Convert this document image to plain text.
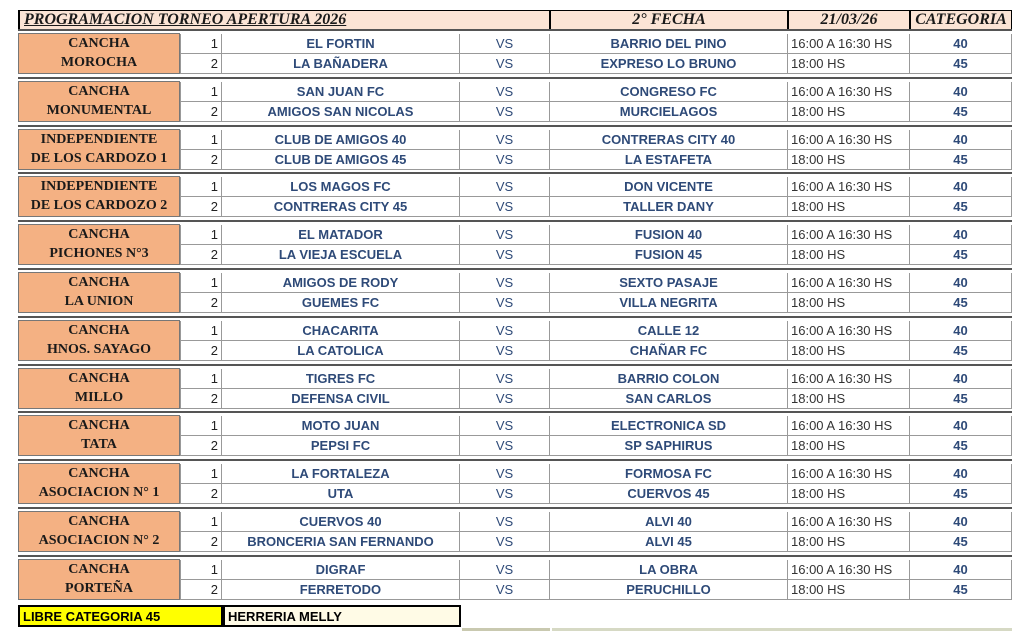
PROGRAMACION TORNEO APERTURA 2026	2° FECHA	21/03/26	CATEGORIA
CANCHA
MOROCHA
1	EL FORTIN	VS	BARRIO DEL PINO	16:00 A 16:30 HS	40
2	LA BAÑADERA	VS	EXPRESO LO BRUNO	18:00 HS	45
CANCHA
MONUMENTAL
1	SAN JUAN FC	VS	CONGRESO FC	16:00 A 16:30 HS	40
2	AMIGOS SAN NICOLAS	VS	MURCIELAGOS	18:00 HS	45
INDEPENDIENTE
DE LOS CARDOZO 1
1	CLUB DE AMIGOS 40	VS	CONTRERAS CITY 40	16:00 A 16:30 HS	40
2	CLUB DE AMIGOS 45	VS	LA ESTAFETA	18:00 HS	45
INDEPENDIENTE
DE LOS CARDOZO 2
1	LOS MAGOS FC	VS	DON VICENTE	16:00 A 16:30 HS	40
2	CONTRERAS CITY 45	VS	TALLER DANY	18:00 HS	45
CANCHA
PICHONES N°3
1	EL MATADOR	VS	FUSION 40	16:00 A 16:30 HS	40
2	LA VIEJA ESCUELA	VS	FUSION 45	18:00 HS	45
CANCHA
LA UNION
1	AMIGOS DE RODY	VS	SEXTO PASAJE	16:00 A 16:30 HS	40
2	GUEMES FC	VS	VILLA NEGRITA	18:00 HS	45
CANCHA
HNOS. SAYAGO
1	CHACARITA	VS	CALLE 12	16:00 A 16:30 HS	40
2	LA CATOLICA	VS	CHAÑAR FC	18:00 HS	45
CANCHA
MILLO
1	TIGRES FC	VS	BARRIO COLON	16:00 A 16:30 HS	40
2	DEFENSA CIVIL	VS	SAN CARLOS	18:00 HS	45
CANCHA
TATA
1	MOTO JUAN	VS	ELECTRONICA SD	16:00 A 16:30 HS	40
2	PEPSI FC	VS	SP SAPHIRUS	18:00 HS	45
CANCHA
ASOCIACION N° 1
1	LA FORTALEZA	VS	FORMOSA FC	16:00 A 16:30 HS	40
2	UTA	VS	CUERVOS 45	18:00 HS	45
CANCHA
ASOCIACION N° 2
1	CUERVOS 40	VS	ALVI 40	16:00 A 16:30 HS	40
2	BRONCERIA SAN FERNANDO	VS	ALVI 45	18:00 HS	45
CANCHA
PORTEÑA
1	DIGRAF	VS	LA OBRA	16:00 A 16:30 HS	40
2	FERRETODO	VS	PERUCHILLO	18:00 HS	45
LIBRE CATEGORIA 45	HERRERIA MELLY
